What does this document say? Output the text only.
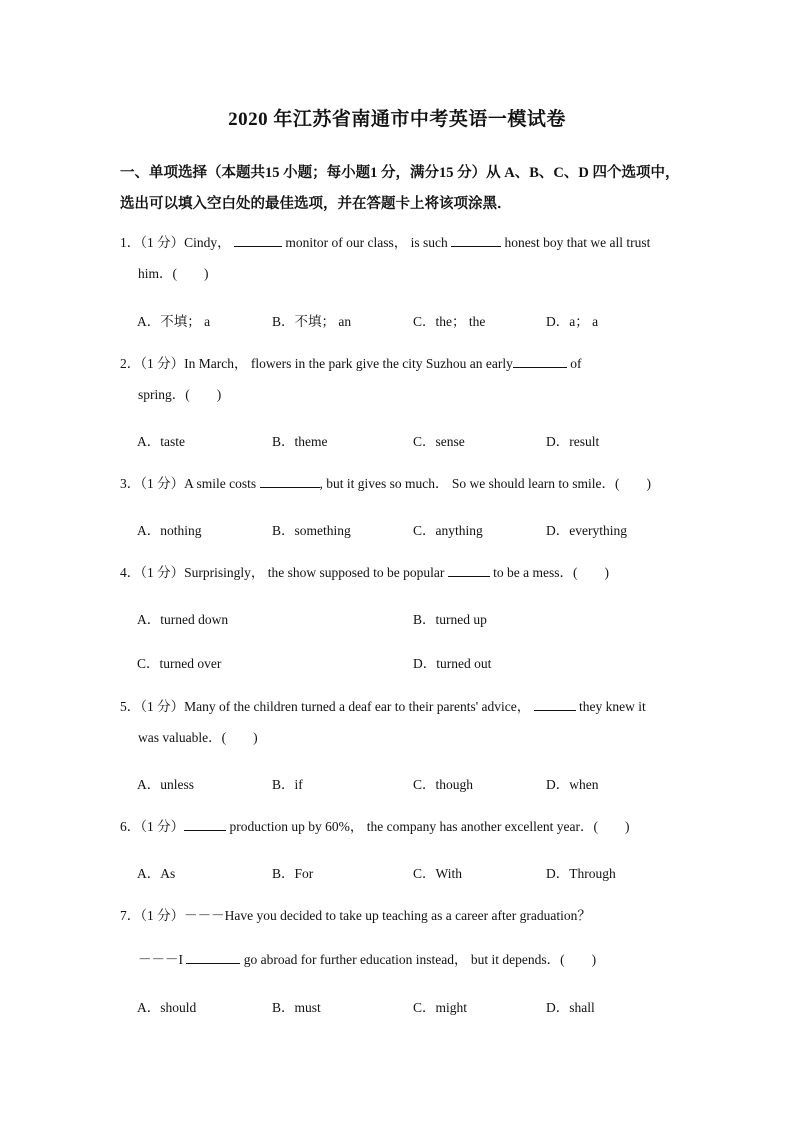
2020 年江苏省南通市中考英语一模试卷
一、单项选择（本题共15 小题；每小题1 分，满分15 分）从 A、B、C、D 四个选项中，
选出可以填入空白处的最佳选项，并在答题卡上将该项涂黑．
1．（1 分）Cindy，	monitor of our class， is such	honest boy that we all trust
him．(　　)
A．不填； a	B．不填； an	C．the； the	D．a； a
2．（1 分）In March， flowers in the park give the city Suzhou an early	of
spring．(　　)
A．taste	B．theme	C．sense	D．result
3．（1 分）A smile costs	, but it gives so much． So we should learn to smile．(　　)
A．nothing	B．something	C．anything	D．everything
4．（1 分）Surprisingly， the show supposed to be popular	to be a mess．(　　)
A．turned down	B．turned up
C．turned over	D．turned out
5．（1 分）Many of the children turned a deaf ear to their parents' advice，	they knew it
was valuable．(　　)
A．unless	B．if	C．though	D．when
6．（1 分）	production up by 60%， the company has another excellent year．(　　)
A．As	B．For	C．With	D．Through
7．（1 分）－－－Have you decided to take up teaching as a career after graduation？
－－－I	go abroad for further education instead， but it depends．(　　)
A．should	B．must	C．might	D．shall
